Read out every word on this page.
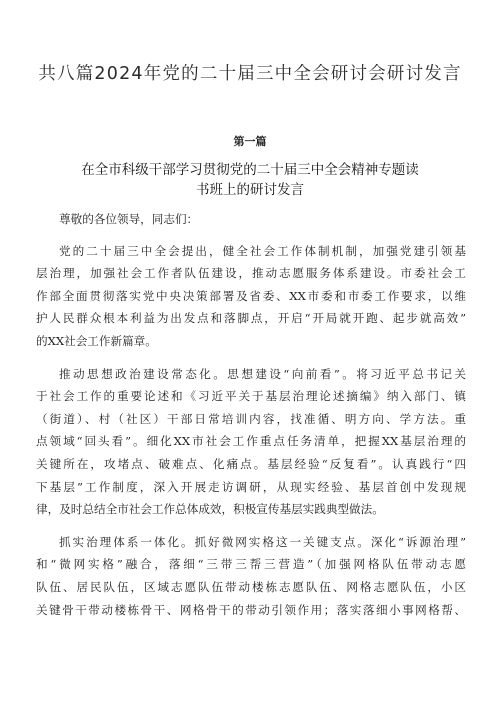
共八篇2024年党的二十届三中全会研讨会研讨发言
第一篇
在全市科级干部学习贯彻党的二十届三中全会精神专题读
书班上的研讨发言
尊敬的各位领导，同志们：
党的二十届三中全会提出，健全社会工作体制机制，加强党建引领基
层治理，加强社会工作者队伍建设，推动志愿服务体系建设。市委社会工
作部全面贯彻落实党中央决策部署及省委、XX市委和市委工作要求，以维
护人民群众根本利益为出发点和落脚点，开启“开局就开跑、起步就高效”
的XX社会工作新篇章。
推动思想政治建设常态化。思想建设“向前看”。将习近平总书记关
于社会工作的重要论述和《习近平关于基层治理论述摘编》纳入部门、镇
（街道）、村（社区）干部日常培训内容，找准循、明方向、学方法。重
点领域“回头看”。细化XX市社会工作重点任务清单，把握XX基层治理的
关键所在，攻堵点、破难点、化痛点。基层经验“反复看”。认真践行“四
下基层”工作制度，深入开展走访调研，从现实经验、基层首创中发现规
律，及时总结全市社会工作总体成效，积极宣传基层实践典型做法。
抓实治理体系一体化。抓好微网实格这一关键支点。深化“诉源治理”
和“微网实格”融合，落细“三带三帮三营造”（加强网格队伍带动志愿
队伍、居民队伍，区域志愿队伍带动楼栋志愿队伍、网格志愿队伍，小区
关键骨干带动楼栋骨干、网格骨干的带动引领作用；落实落细小事网格帮、
